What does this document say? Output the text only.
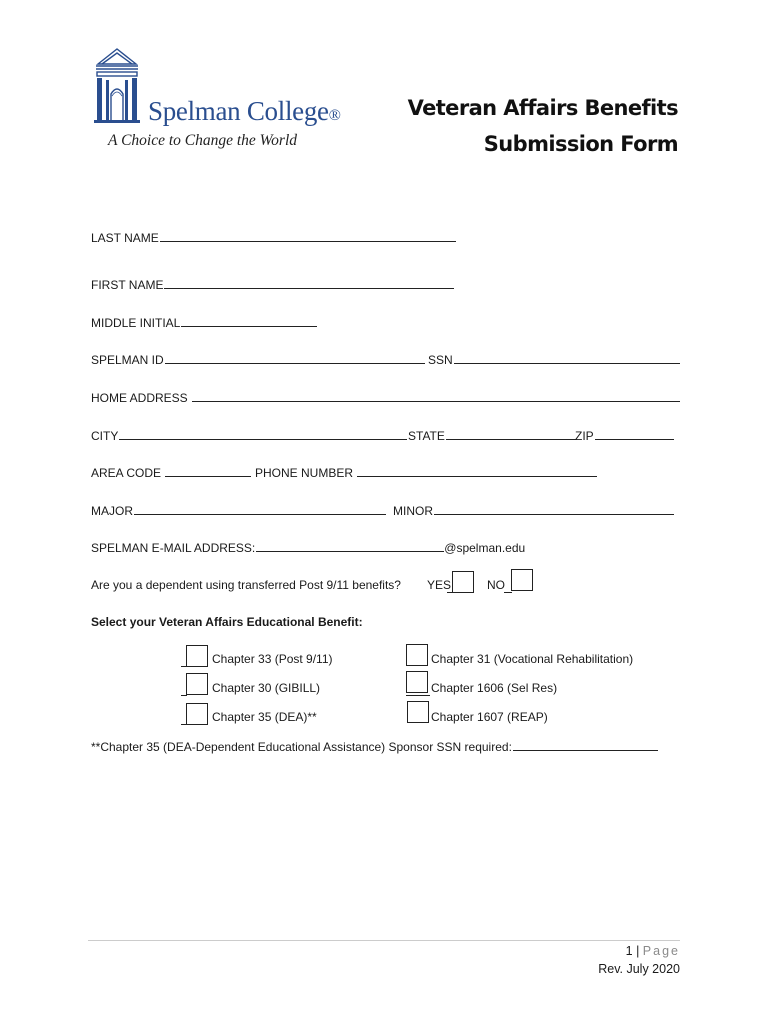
Spelman College®
A Choice to Change the World
Veteran Affairs Benefits
Submission Form
LAST NAME
FIRST NAME
MIDDLE INITIAL
SPELMAN ID	SSN
HOME ADDRESS
CITY	STATE	ZIP
AREA CODE	PHONE NUMBER
MAJOR	MINOR
SPELMAN E-MAIL ADDRESS:	@spelman.edu
Are you a dependent using transferred Post 9/11 benefits? YES	NO
Select your Veteran Affairs Educational Benefit:
Chapter 33 (Post 9/11)
Chapter 30 (GIBILL)
Chapter 35 (DEA)**
Chapter 31 (Vocational Rehabilitation)
Chapter 1606 (Sel Res)
Chapter 1607 (REAP)
**Chapter 35 (DEA-Dependent Educational Assistance) Sponsor SSN required:
1 | Page
Rev. July 2020
